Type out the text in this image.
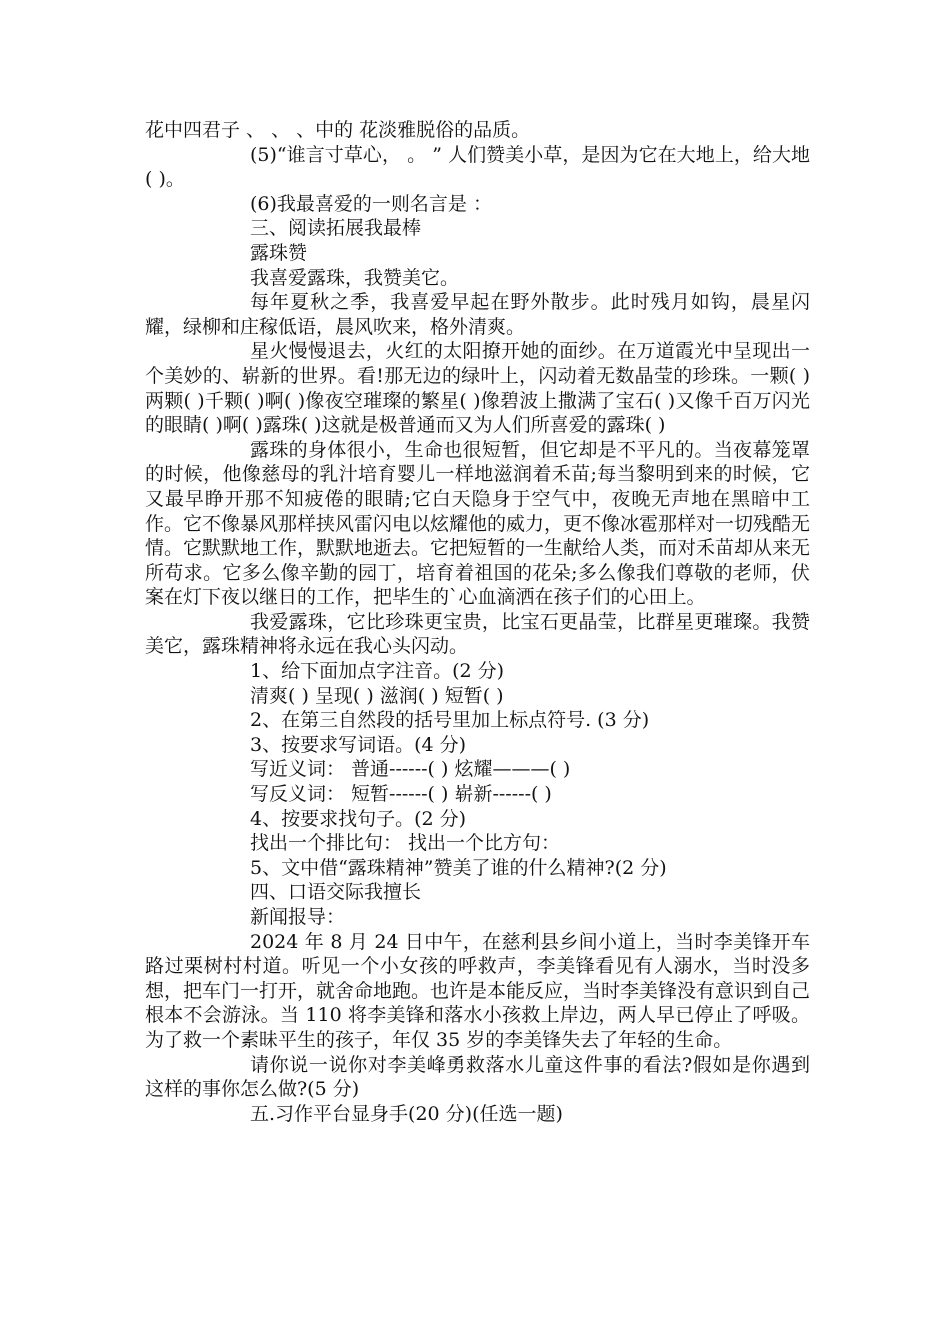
花中四君子 、 、 、中的 花淡雅脱俗的品质。

(5)“谁言寸草心， 。 ” 人们赞美小草，是因为它在大地上，给大地( )。

(6)我最喜爱的一则名言是 ：

三、阅读拓展我最棒

露珠赞

我喜爱露珠，我赞美它。

每年夏秋之季，我喜爱早起在野外散步。此时残月如钩，晨星闪耀，绿柳和庄稼低语，晨风吹来，格外清爽。

星火慢慢退去，火红的太阳撩开她的面纱。在万道霞光中呈现出一个美妙的、崭新的世界。看!那无边的绿叶上，闪动着无数晶莹的珍珠。一颗( )两颗( )千颗( )啊( )像夜空璀璨的繁星( )像碧波上撒满了宝石( )又像千百万闪光的眼睛( )啊( )露珠( )这就是极普通而又为人们所喜爱的露珠( )

露珠的身体很小，生命也很短暂，但它却是不平凡的。当夜幕笼罩的时候，他像慈母的乳汁培育婴儿一样地滋润着禾苗;每当黎明到来的时候，它又最早睁开那不知疲倦的眼睛;它白天隐身于空气中，夜晚无声地在黑暗中工作。它不像暴风那样挟风雷闪电以炫耀他的威力，更不像冰雹那样对一切残酷无情。它默默地工作，默默地逝去。它把短暂的一生献给人类，而对禾苗却从来无所苟求。它多么像辛勤的园丁，培育着祖国的花朵;多么像我们尊敬的老师，伏案在灯下夜以继日的工作，把毕生的`心血滴洒在孩子们的心田上。

我爱露珠，它比珍珠更宝贵，比宝石更晶莹，比群星更璀璨。我赞美它，露珠精神将永远在我心头闪动。

1、给下面加点字注音。(2 分)

清爽( ) 呈现( ) 滋润( ) 短暂( )

2、在第三自然段的括号里加上标点符号. (3 分)

3、按要求写词语。(4 分)

写近义词： 普通------( ) 炫耀———( )

写反义词： 短暂------( ) 崭新------( )

4、按要求找句子。(2 分)

找出一个排比句： 找出一个比方句：

5、文中借“露珠精神”赞美了谁的什么精神?(2 分)

四、口语交际我擅长

新闻报导：

2024 年 8 月 24 日中午，在慈利县乡间小道上，当时李美锋开车路过栗树村村道。听见一个小女孩的呼救声，李美锋看见有人溺水，当时没多想，把车门一打开，就舍命地跑。也许是本能反应，当时李美锋没有意识到自己根本不会游泳。当 110 将李美锋和落水小孩救上岸边，两人早已停止了呼吸。为了救一个素昧平生的孩子，年仅 35 岁的李美锋失去了年轻的生命。

请你说一说你对李美峰勇救落水儿童这件事的看法?假如是你遇到这样的事你怎么做?(5 分)

五.习作平台显身手(20 分)(任选一题)
